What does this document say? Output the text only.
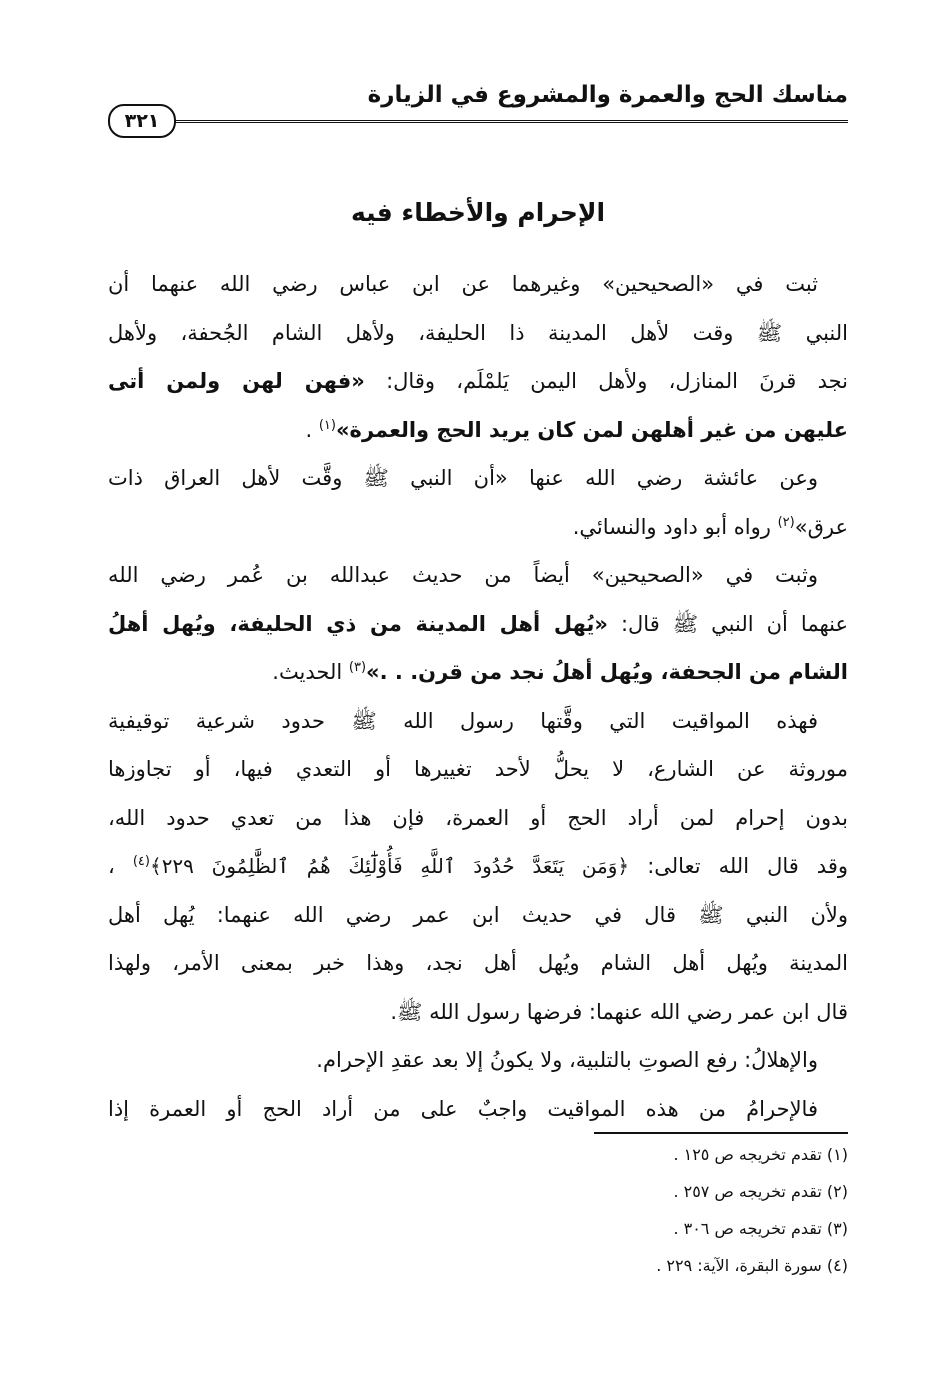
مناسك الحج والعمرة والمشروع في الزيارة
٣٢١
الإحرام والأخطاء فيه
ثبت في «الصحيحين» وغيرهما عن ابن عباس رضي الله عنهما أن
النبي ﷺ وقت لأهل المدينة ذا الحليفة، ولأهل الشام الجُحفة، ولأهل
نجد قرنَ المنازل، ولأهل اليمن يَلمْلَم، وقال: «فهن لهن ولمن أتى
عليهن من غير أهلهن لمن كان يريد الحج والعمرة»$^{(١)}$ .
وعن عائشة رضي الله عنها «أن النبي ﷺ وقَّت لأهل العراق ذات
عرق»$^{(٢)}$ رواه أبو داود والنسائي.
وثبت في «الصحيحين» أيضاً من حديث عبدالله بن عُمر رضي الله
عنهما أن النبي ﷺ قال: «يُهل أهل المدينة من ذي الحليفة، ويُهل أهلُ
الشام من الجحفة، ويُهل أهلُ نجد من قرن. . .»$^{(٣)}$ الحديث.
فهذه المواقيت التي وقَّتها رسول الله ﷺ حدود شرعية توقيفية
موروثة عن الشارع، لا يحلُّ لأحد تغييرها أو التعدي فيها، أو تجاوزها
بدون إحرام لمن أراد الحج أو العمرة، فإن هذا من تعدي حدود الله،
وقد قال الله تعالى: ﴿وَمَن يَتَعَدَّ حُدُودَ ٱللَّهِ فَأُوْلَٰٓئِكَ هُمُ ٱلظَّٰلِمُونَ ٢٢٩﴾$^{(٤)}$ ،
ولأن النبي ﷺ قال في حديث ابن عمر رضي الله عنهما: يُهل أهل
المدينة ويُهل أهل الشام ويُهل أهل نجد، وهذا خبر بمعنى الأمر، ولهذا
قال ابن عمر رضي الله عنهما: فرضها رسول الله ﷺ.
والإهلالُ: رفع الصوتِ بالتلبية، ولا يكونُ إلا بعد عقدِ الإحرام.
فالإحرامُ من هذه المواقيت واجبٌ على من أراد الحج أو العمرة إذا
(١) تقدم تخريجه ص ١٢٥ .
(٢) تقدم تخريجه ص ٢٥٧ .
(٣) تقدم تخريجه ص ٣٠٦ .
(٤) سورة البقرة، الآية: ٢٢٩ .
